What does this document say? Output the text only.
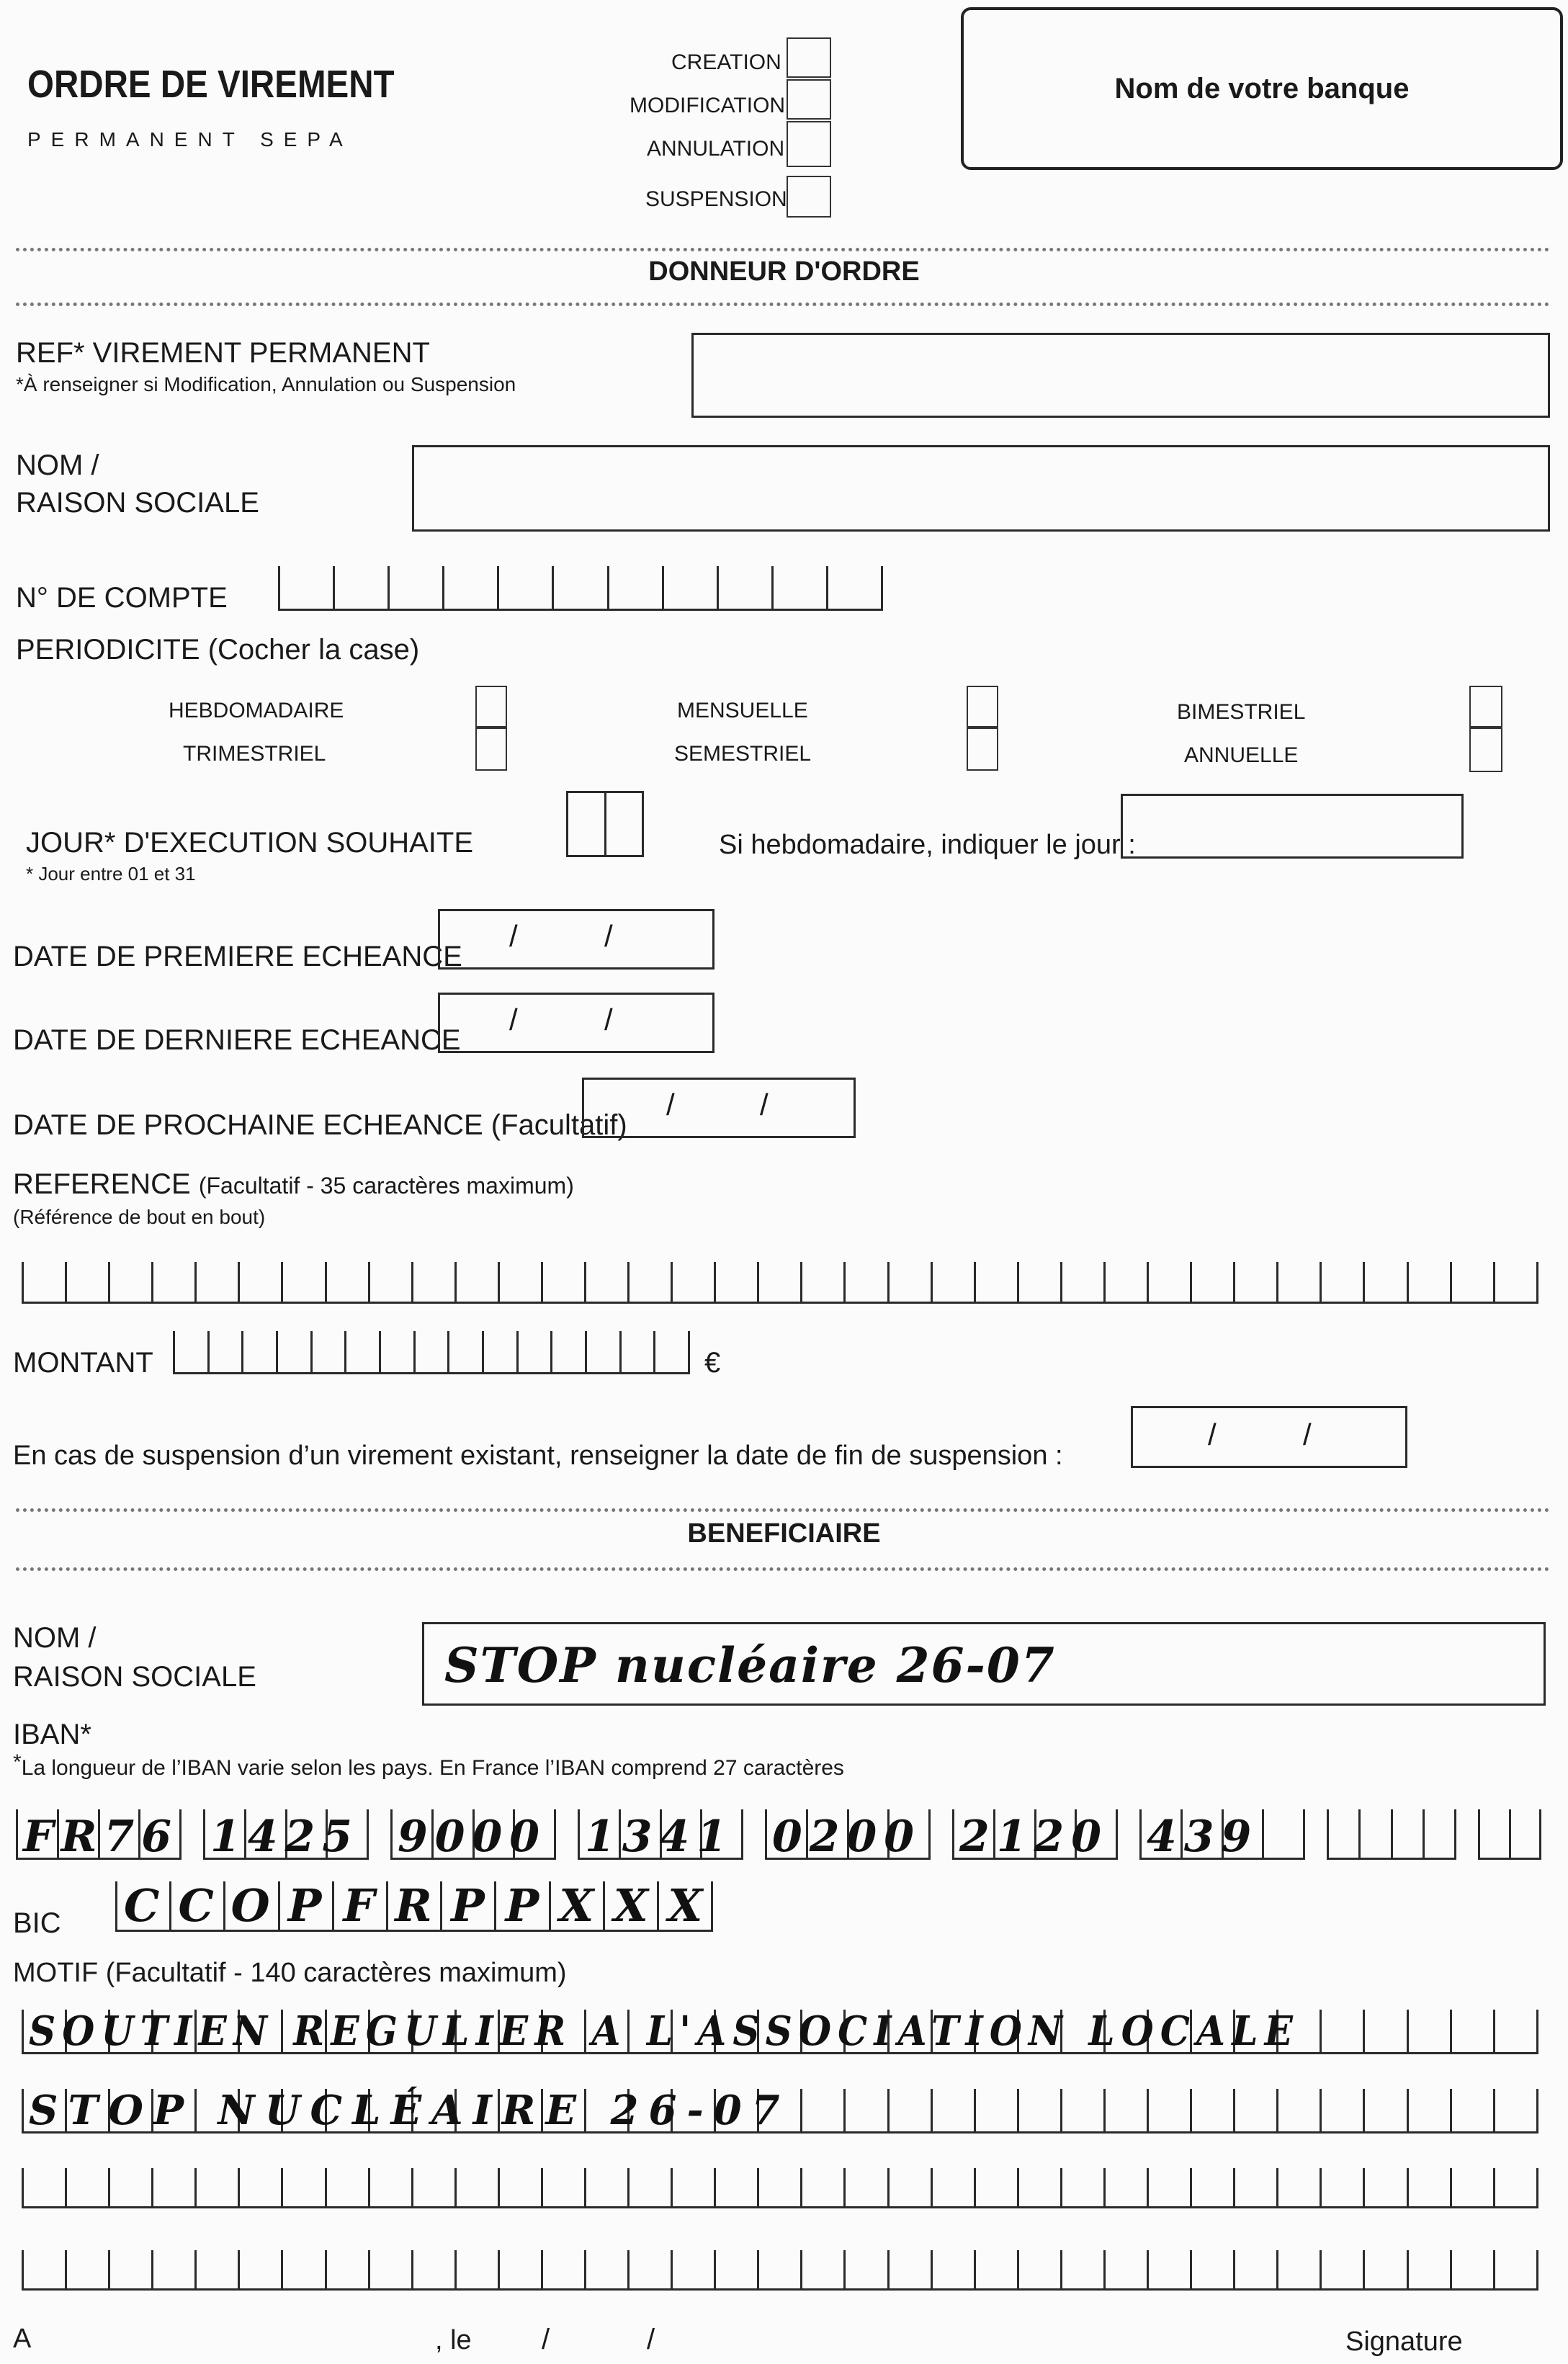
ORDRE DE VIREMENT
PERMANENT SEPA
CREATION
MODIFICATION
ANNULATION
SUSPENSION
Nom de votre banque
DONNEUR D'ORDRE
REF* VIREMENT PERMANENT
*À renseigner si Modification, Annulation ou Suspension
NOM /
RAISON SOCIALE
N° DE COMPTE
PERIODICITE (Cocher la case)
HEBDOMADAIRE
TRIMESTRIEL
MENSUELLE
SEMESTRIEL
BIMESTRIEL
ANNUELLE
JOUR* D'EXECUTION SOUHAITE
* Jour entre 01 et 31
Si hebdomadaire, indiquer le jour :
DATE DE PREMIERE ECHEANCE
/	/
DATE DE DERNIERE ECHEANCE
/	/
DATE DE PROCHAINE ECHEANCE (Facultatif)
/	/
REFERENCE (Facultatif - 35 caractères maximum)
(Référence de bout en bout)
MONTANT	€
En cas de suspension d’un virement existant, renseigner la date de fin de suspension :
/	/
BENEFICIAIRE
NOM /
RAISON SOCIALE	STOP nucléaire 26-07
IBAN*
*La longueur de l’IBAN varie selon les pays. En France l’IBAN comprend 27 caractères
FR76 1425 9000 1341 0200 2120 439
BIC C C O P F R P P X X X
MOTIF (Facultatif - 140 caractères maximum)
SOUTIEN REGULIER A L'ASSOCIATION LOCALE
STOP NUCLÉAIRE 26-07
A	, le /	/	Signature
